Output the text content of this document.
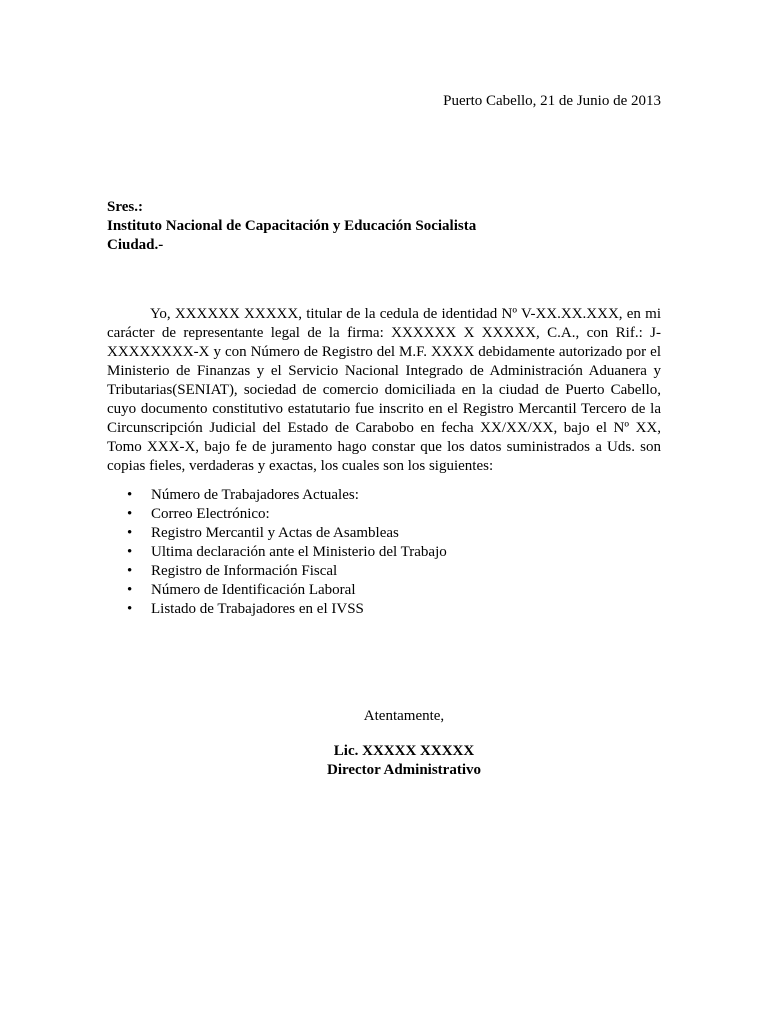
Puerto Cabello, 21 de Junio de 2013
Sres.:
Instituto Nacional de Capacitación y Educación Socialista
Ciudad.-

Yo, XXXXXX XXXXX, titular de la cedula de identidad Nº V-XX.XX.XXX, en mi carácter de representante legal de la firma: XXXXXX X XXXXX, C.A., con Rif.: J-XXXXXXXX-X y con Número de Registro del M.F. XXXX debidamente autorizado por el Ministerio de Finanzas y el Servicio Nacional Integrado de Administración Aduanera y Tributarias(SENIAT), sociedad de comercio domiciliada en la ciudad de Puerto Cabello, cuyo documento constitutivo estatutario fue inscrito en el Registro Mercantil Tercero de la Circunscripción Judicial del Estado de Carabobo en fecha XX/XX/XX, bajo el Nº XX, Tomo XXX-X, bajo fe de juramento hago constar que los datos suministrados a Uds. son copias fieles, verdaderas y exactas, los cuales son los siguientes:

• Número de Trabajadores Actuales:
• Correo Electrónico:
• Registro Mercantil y Actas de Asambleas
• Ultima declaración ante el Ministerio del Trabajo
• Registro de Información Fiscal
• Número de Identificación Laboral
• Listado de Trabajadores en el IVSS
Atentamente,
Lic. XXXXX XXXXX
Director Administrativo
